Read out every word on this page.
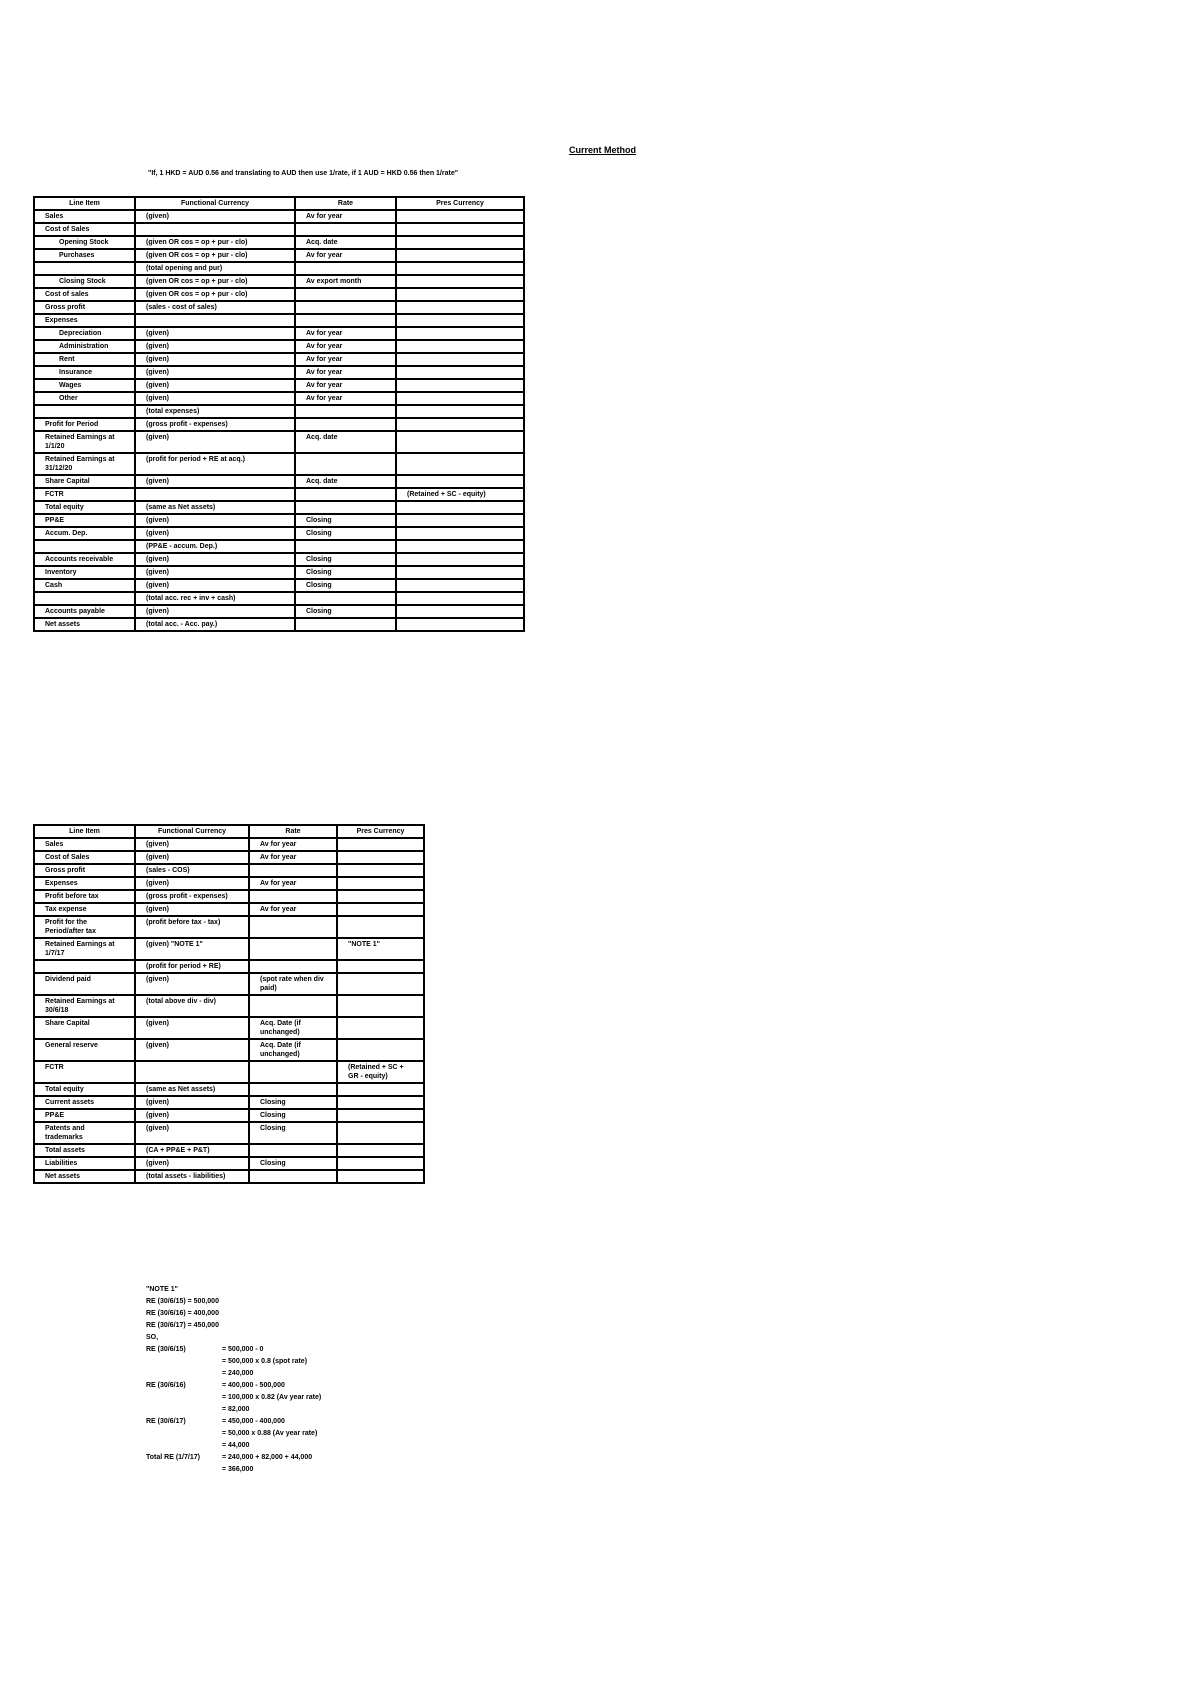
Current Method
"If, 1 HKD = AUD 0.56 and translating to AUD then use 1/rate, if 1 AUD = HKD 0.56 then 1/rate"
Line Item	Functional Currency	Rate	Pres Currency
Sales	(given)	Av for year	
Cost of Sales			
Opening Stock	(given OR cos = op + pur - clo)	Acq. date	
Purchases	(given OR cos = op + pur - clo)	Av for year	
	(total opening and pur)		
Closing Stock	(given OR cos = op + pur - clo)	Av export month	
Cost of sales	(given OR cos = op + pur - clo)		
Gross profit	(sales - cost of sales)		
Expenses			
Depreciation	(given)	Av for year	
Administration	(given)	Av for year	
Rent	(given)	Av for year	
Insurance	(given)	Av for year	
Wages	(given)	Av for year	
Other	(given)	Av for year	
	(total expenses)		
Profit for Period	(gross profit - expenses)		
Retained Earnings at 1/1/20	(given)	Acq. date	
Retained Earnings at 31/12/20	(profit for period + RE at acq.)		
Share Capital	(given)	Acq. date	
FCTR			(Retained + SC - equity)
Total equity	(same as Net assets)		
PP&E	(given)	Closing	
Accum. Dep.	(given)	Closing	
	(PP&E - accum. Dep.)		
Accounts receivable	(given)	Closing	
Inventory	(given)	Closing	
Cash	(given)	Closing	
	(total acc. rec + inv + cash)		
Accounts payable	(given)	Closing	
Net assets	(total acc. - Acc. pay.)		
Line Item	Functional Currency	Rate	Pres Currency
Sales	(given)	Av for year	
Cost of Sales	(given)	Av for year	
Gross profit	(sales - COS)		
Expenses	(given)	Av for year	
Profit before tax	(gross profit - expenses)		
Tax expense	(given)	Av for year	
Profit for the Period/after tax	(profit before tax - tax)		
Retained Earnings at 1/7/17	(given) "NOTE 1"		"NOTE 1"
	(profit for period + RE)		
Dividend paid	(given)	(spot rate when div paid)	
Retained Earnings at 30/6/18	(total above div - div)		
Share Capital	(given)	Acq. Date (if unchanged)	
General reserve	(given)	Acq. Date (if unchanged)	
FCTR			(Retained + SC + GR - equity)
Total equity	(same as Net assets)		
Current assets	(given)	Closing	
PP&E	(given)	Closing	
Patents and trademarks	(given)	Closing	
Total assets	(CA + PP&E + P&T)		
Liabilities	(given)	Closing	
Net assets	(total assets - liabilities)		
"NOTE 1"
RE (30/6/15) = 500,000
RE (30/6/16) = 400,000
RE (30/6/17) = 450,000
SO,
RE (30/6/15)	= 500,000 - 0
= 500,000 x 0.8 (spot rate)
= 240,000
RE (30/6/16)	= 400,000 - 500,000
= 100,000 x 0.82 (Av year rate)
= 82,000
RE (30/6/17)	= 450,000 - 400,000
= 50,000 x 0.88 (Av year rate)
= 44,000
Total RE (1/7/17)	= 240,000 + 82,000 + 44,000
= 366,000
